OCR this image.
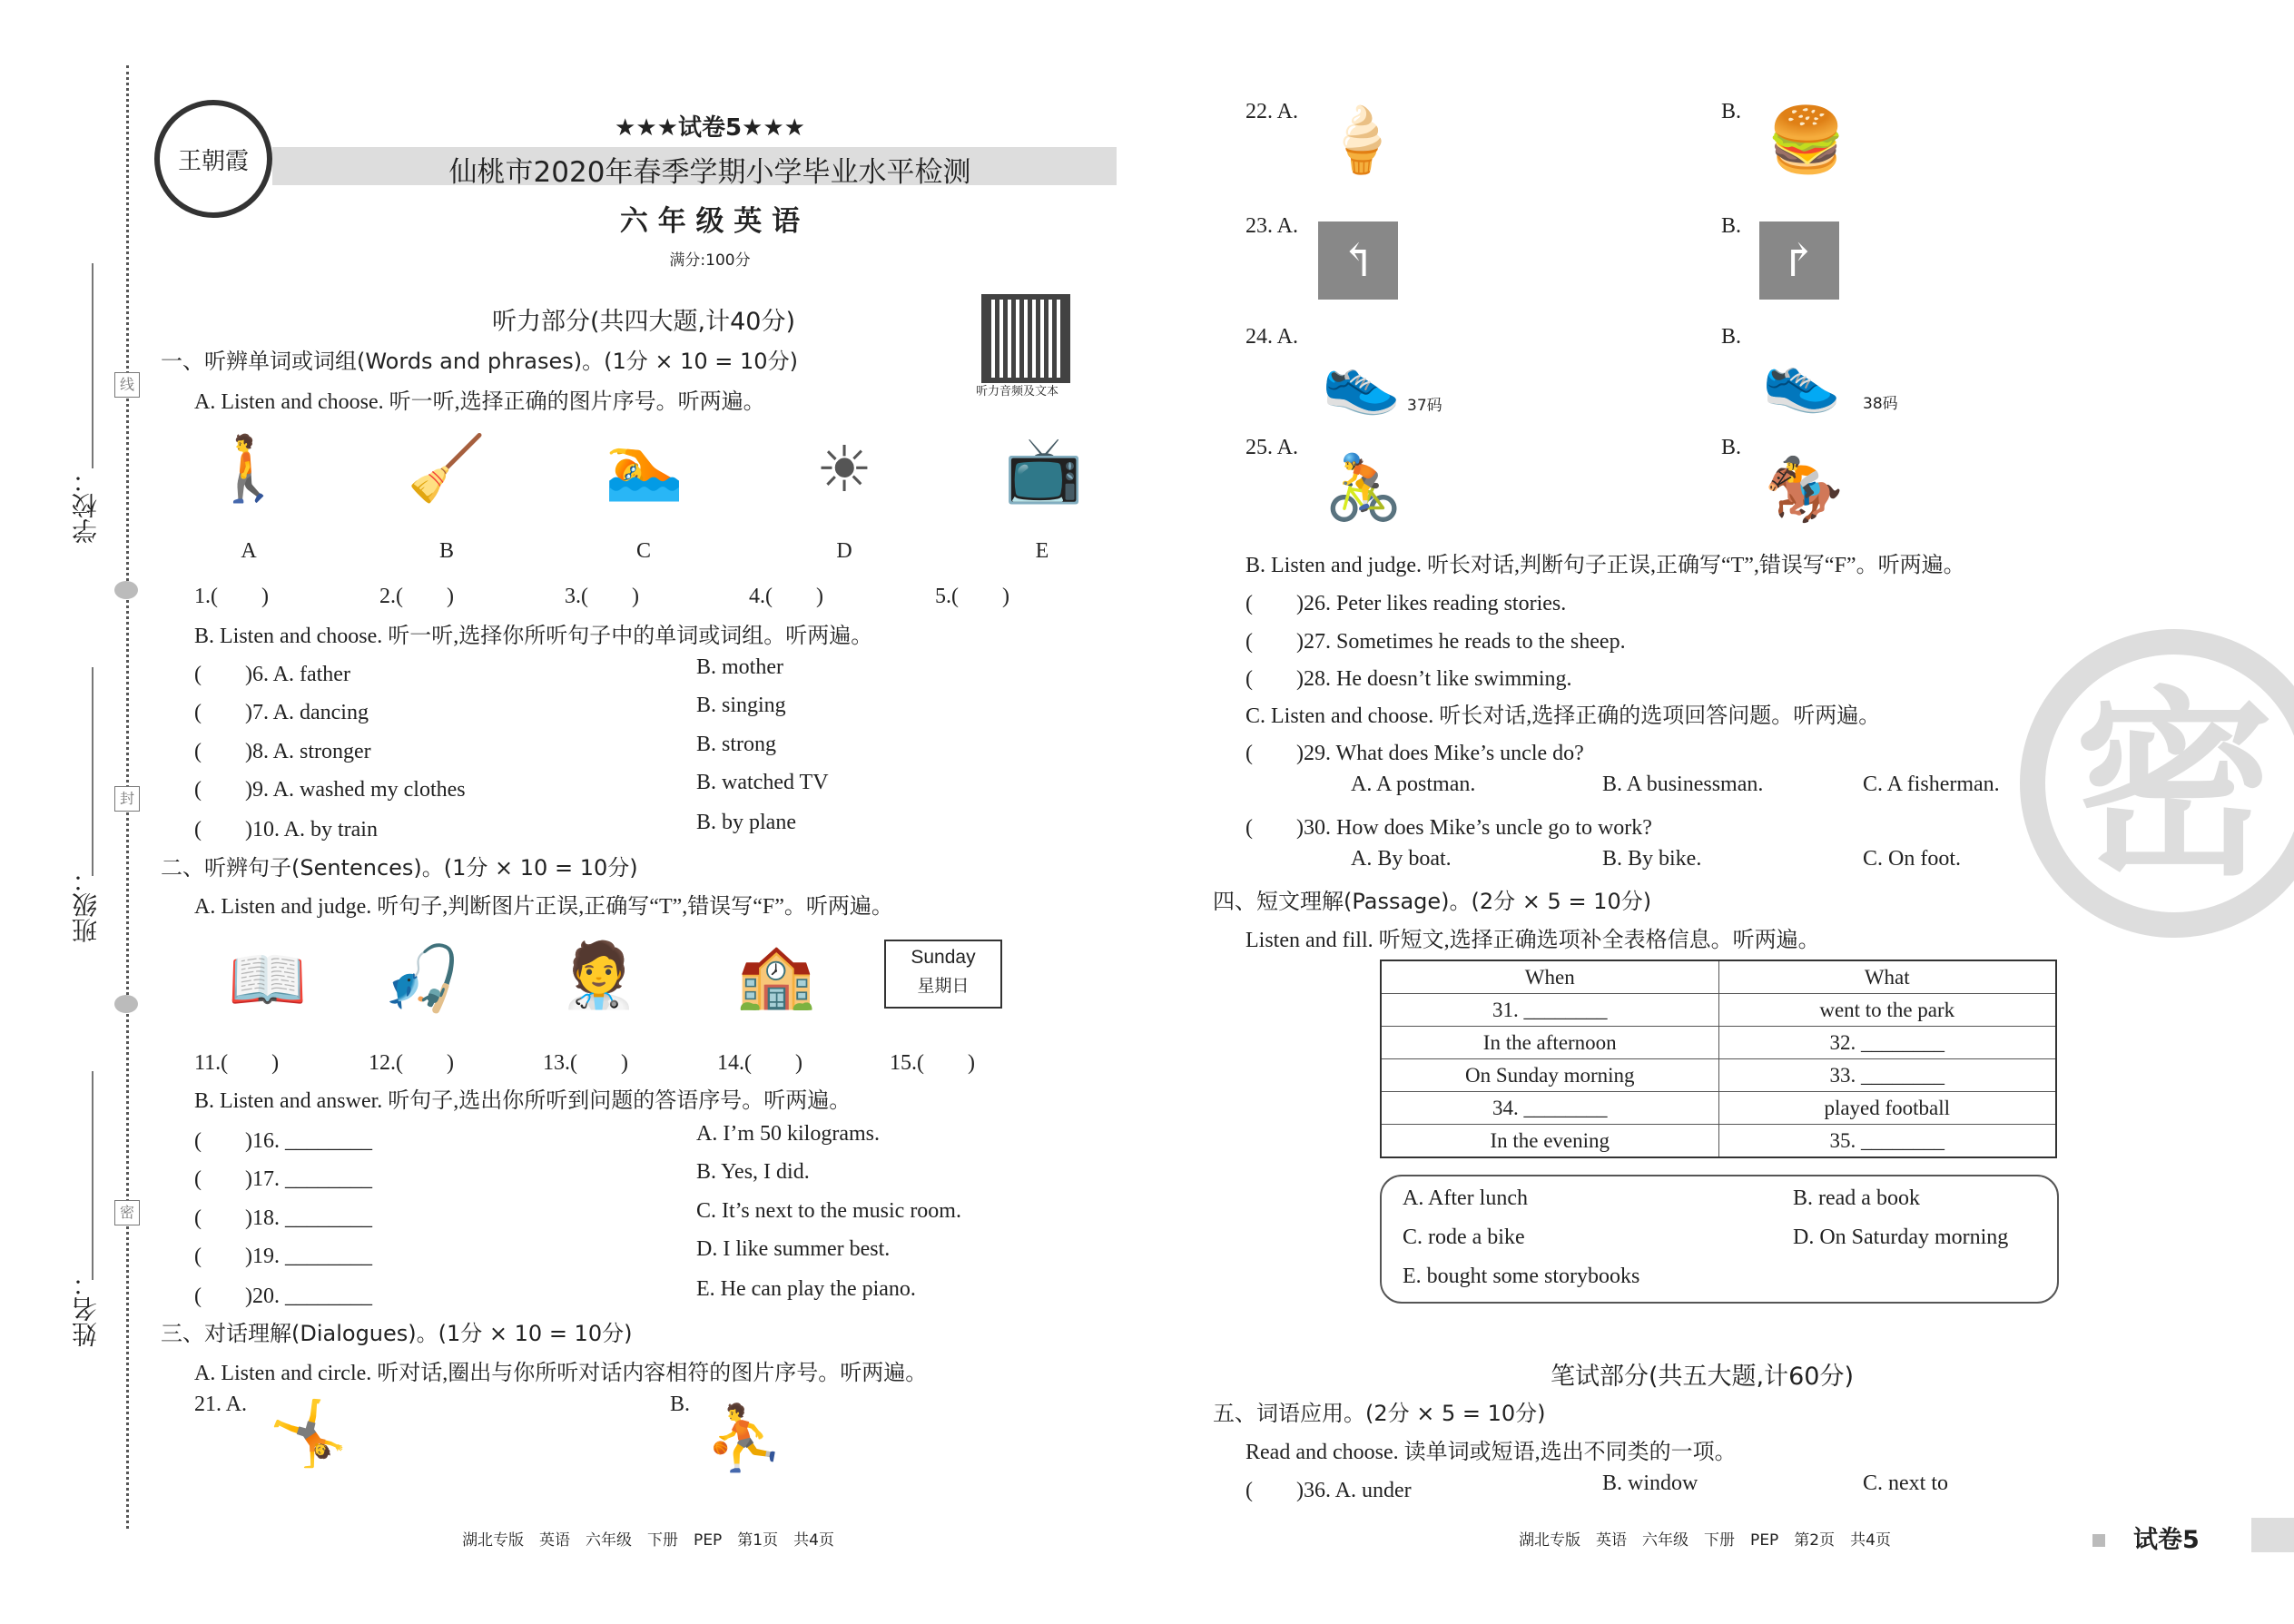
学校：
班级：
姓名：
线
封
密
王朝霞
★★★试卷5★★★
仙桃市2020年春季学期小学毕业水平检测
六 年 级 英 语
满分:100分
听力音频及文本
听力部分(共四大题,计40分)
一、听辨单词或词组(Words and phrases)。(1分 × 10 = 10分)
A. Listen and choose. 听一听,选择正确的图片序号。听两遍。
🚶 🧹	🏊	☀	📺
A	B	C	D	E
1.(　　)	2.(　　)	3.(　　)	4.(　　)	5.(　　)
B. Listen and choose. 听一听,选择你所听句子中的单词或词组。听两遍。
(　　)6. A. father	B. mother
(　　)7. A. dancing	B. singing
(　　)8. A. stronger	B. strong
(　　)9. A. washed my clothes	B. watched TV
(　　)10. A. by train	B. by plane
二、听辨句子(Sentences)。(1分 × 10 = 10分)
A. Listen and judge. 听句子,判断图片正误,正确写“T”,错误写“F”。听两遍。
📖	🎣	🧑‍⚕️	🏫	Sunday
星期日
11.(　　)	12.(　　)	13.(　　)	14.(　　)	15.(　　)
B. Listen and answer. 听句子,选出你所听到问题的答语序号。听两遍。
(　　)16. ________	A. I’m 50 kilograms.
(　　)17. ________	B. Yes, I did.
(　　)18. ________	C. It’s next to the music room.
(　　)19. ________	D. I like summer best.
(　　)20. ________	E. He can play the piano.
三、对话理解(Dialogues)。(1分 × 10 = 10分)
A. Listen and circle. 听对话,圈出与你所听对话内容相符的图片序号。听两遍。
21. A. 🤸	B. ⛹
湖北专版　英语　六年级　下册　PEP　第1页　共4页
22. A. 🍦	B. 🍔
23. A.
↰
B.
↱
24. A.
👟 37码
B.
👟	38码
25. A.
🚴
B.
🏇
B. Listen and judge. 听长对话,判断句子正误,正确写“T”,错误写“F”。听两遍。
(　　)26. Peter likes reading stories.
(　　)27. Sometimes he reads to the sheep.
(　　)28. He doesn’t like swimming.
C. Listen and choose. 听长对话,选择正确的选项回答问题。听两遍。
(　　)29. What does Mike’s uncle do?
A. A postman.	B. A businessman.	C. A fisherman.
(　　)30. How does Mike’s uncle go to work?
A. By boat.	B. By bike.	C. On foot. 密
四、短文理解(Passage)。(2分 × 5 = 10分)
Listen and fill. 听短文,选择正确选项补全表格信息。听两遍。
When	What
31. ________	went to the park
In the afternoon	32. ________
On Sunday morning	33. ________
34. ________	played football
In the evening	35. ________
A. After lunch	B. read a book
C. rode a bike	D. On Saturday morning
E. bought some storybooks
笔试部分(共五大题,计60分)
五、词语应用。(2分 × 5 = 10分)
Read and choose. 读单词或短语,选出不同类的一项。
(　　)36. A. under	B. window	C. next to
湖北专版　英语　六年级　下册　PEP　第2页　共4页	试卷5
